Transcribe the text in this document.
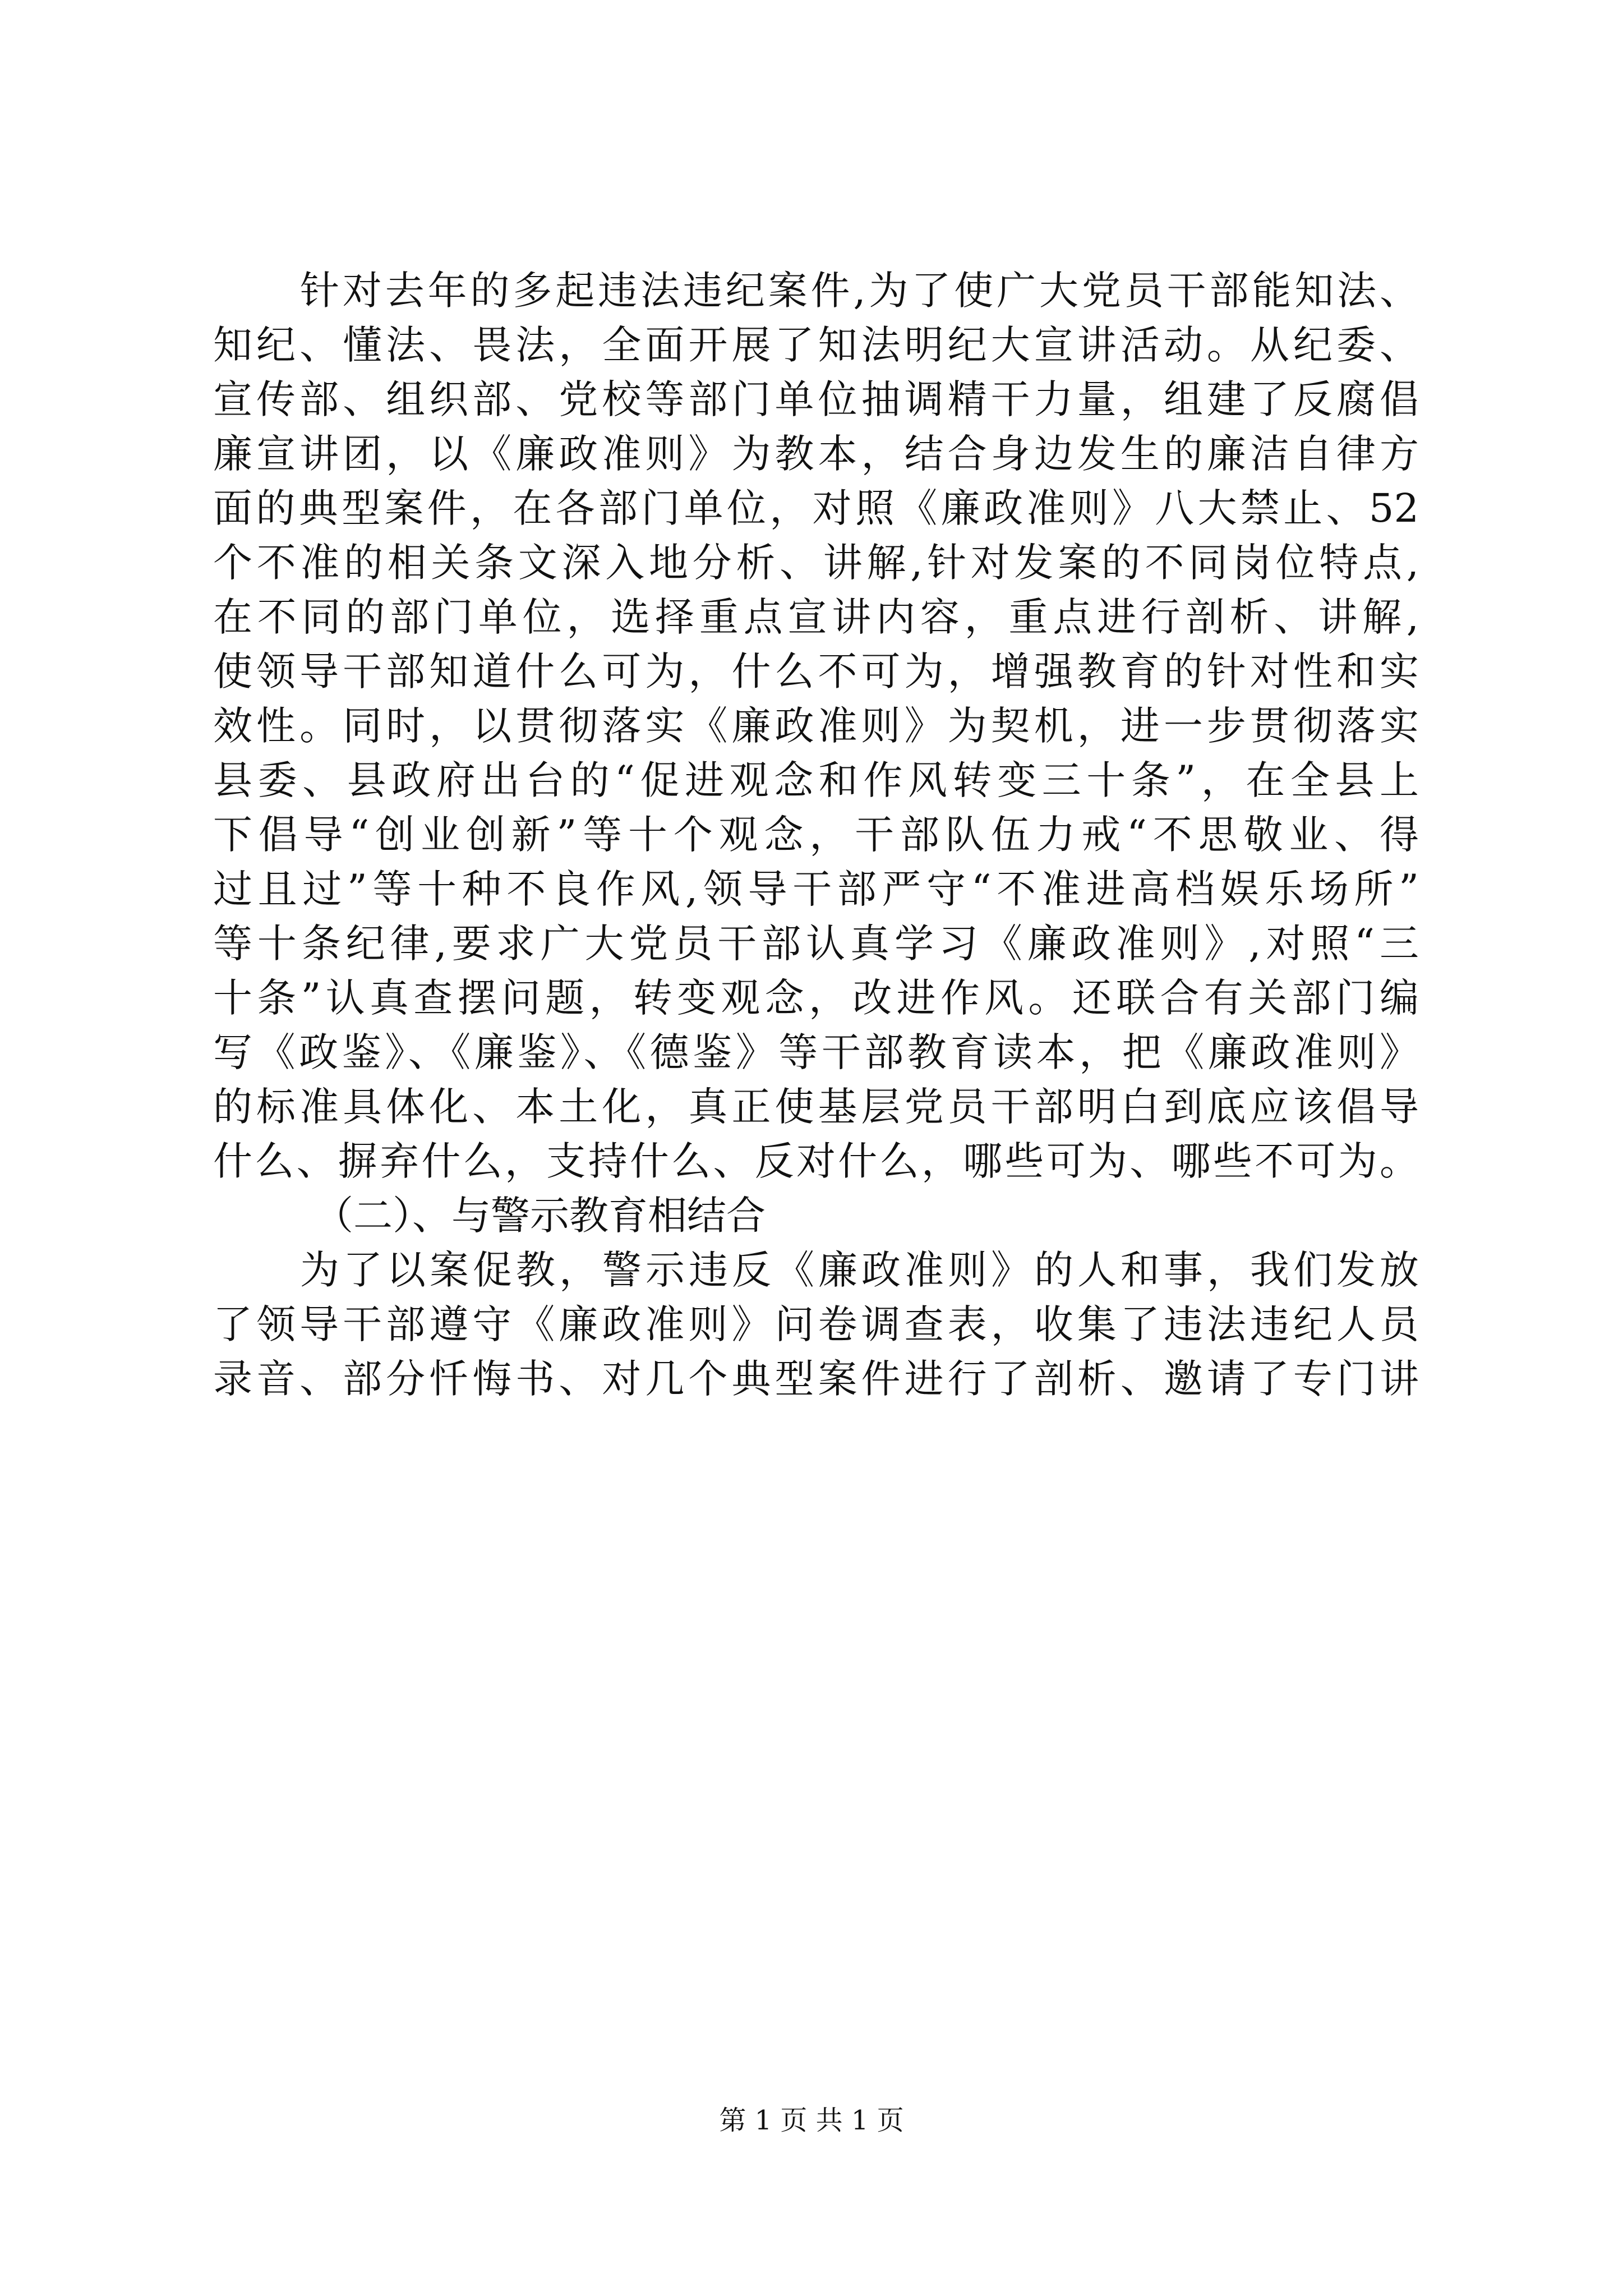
针对去年的多起违法违纪案件,为了使广大党员干部能知法、
知纪、懂法、畏法，全面开展了知法明纪大宣讲活动。从纪委、
宣传部、组织部、党校等部门单位抽调精干力量，组建了反腐倡
廉宣讲团，以《廉政准则》为教本，结合身边发生的廉洁自律方
面的典型案件，在各部门单位，对照《廉政准则》八大禁止、52
个不准的相关条文深入地分析、讲解,针对发案的不同岗位特点,
在不同的部门单位，选择重点宣讲内容，重点进行剖析、讲解,
使领导干部知道什么可为，什么不可为，增强教育的针对性和实
效性。同时，以贯彻落实《廉政准则》为契机，进一步贯彻落实
县委、县政府出台的“促进观念和作风转变三十条”，在全县上
下倡导“创业创新”等十个观念，干部队伍力戒“不思敬业、得
过且过”等十种不良作风,领导干部严守“不准进高档娱乐场所”
等十条纪律,要求广大党员干部认真学习《廉政准则》,对照“三
十条”认真查摆问题，转变观念，改进作风。还联合有关部门编
写《政鉴》、《廉鉴》、《德鉴》等干部教育读本，把《廉政准则》
的标准具体化、本土化，真正使基层党员干部明白到底应该倡导
什么、摒弃什么，支持什么、反对什么，哪些可为、哪些不可为。
（二）、与警示教育相结合
为了以案促教，警示违反《廉政准则》的人和事，我们发放
了领导干部遵守《廉政准则》问卷调查表，收集了违法违纪人员
录音、部分忏悔书、对几个典型案件进行了剖析、邀请了专门讲
第 1 页 共 1 页
